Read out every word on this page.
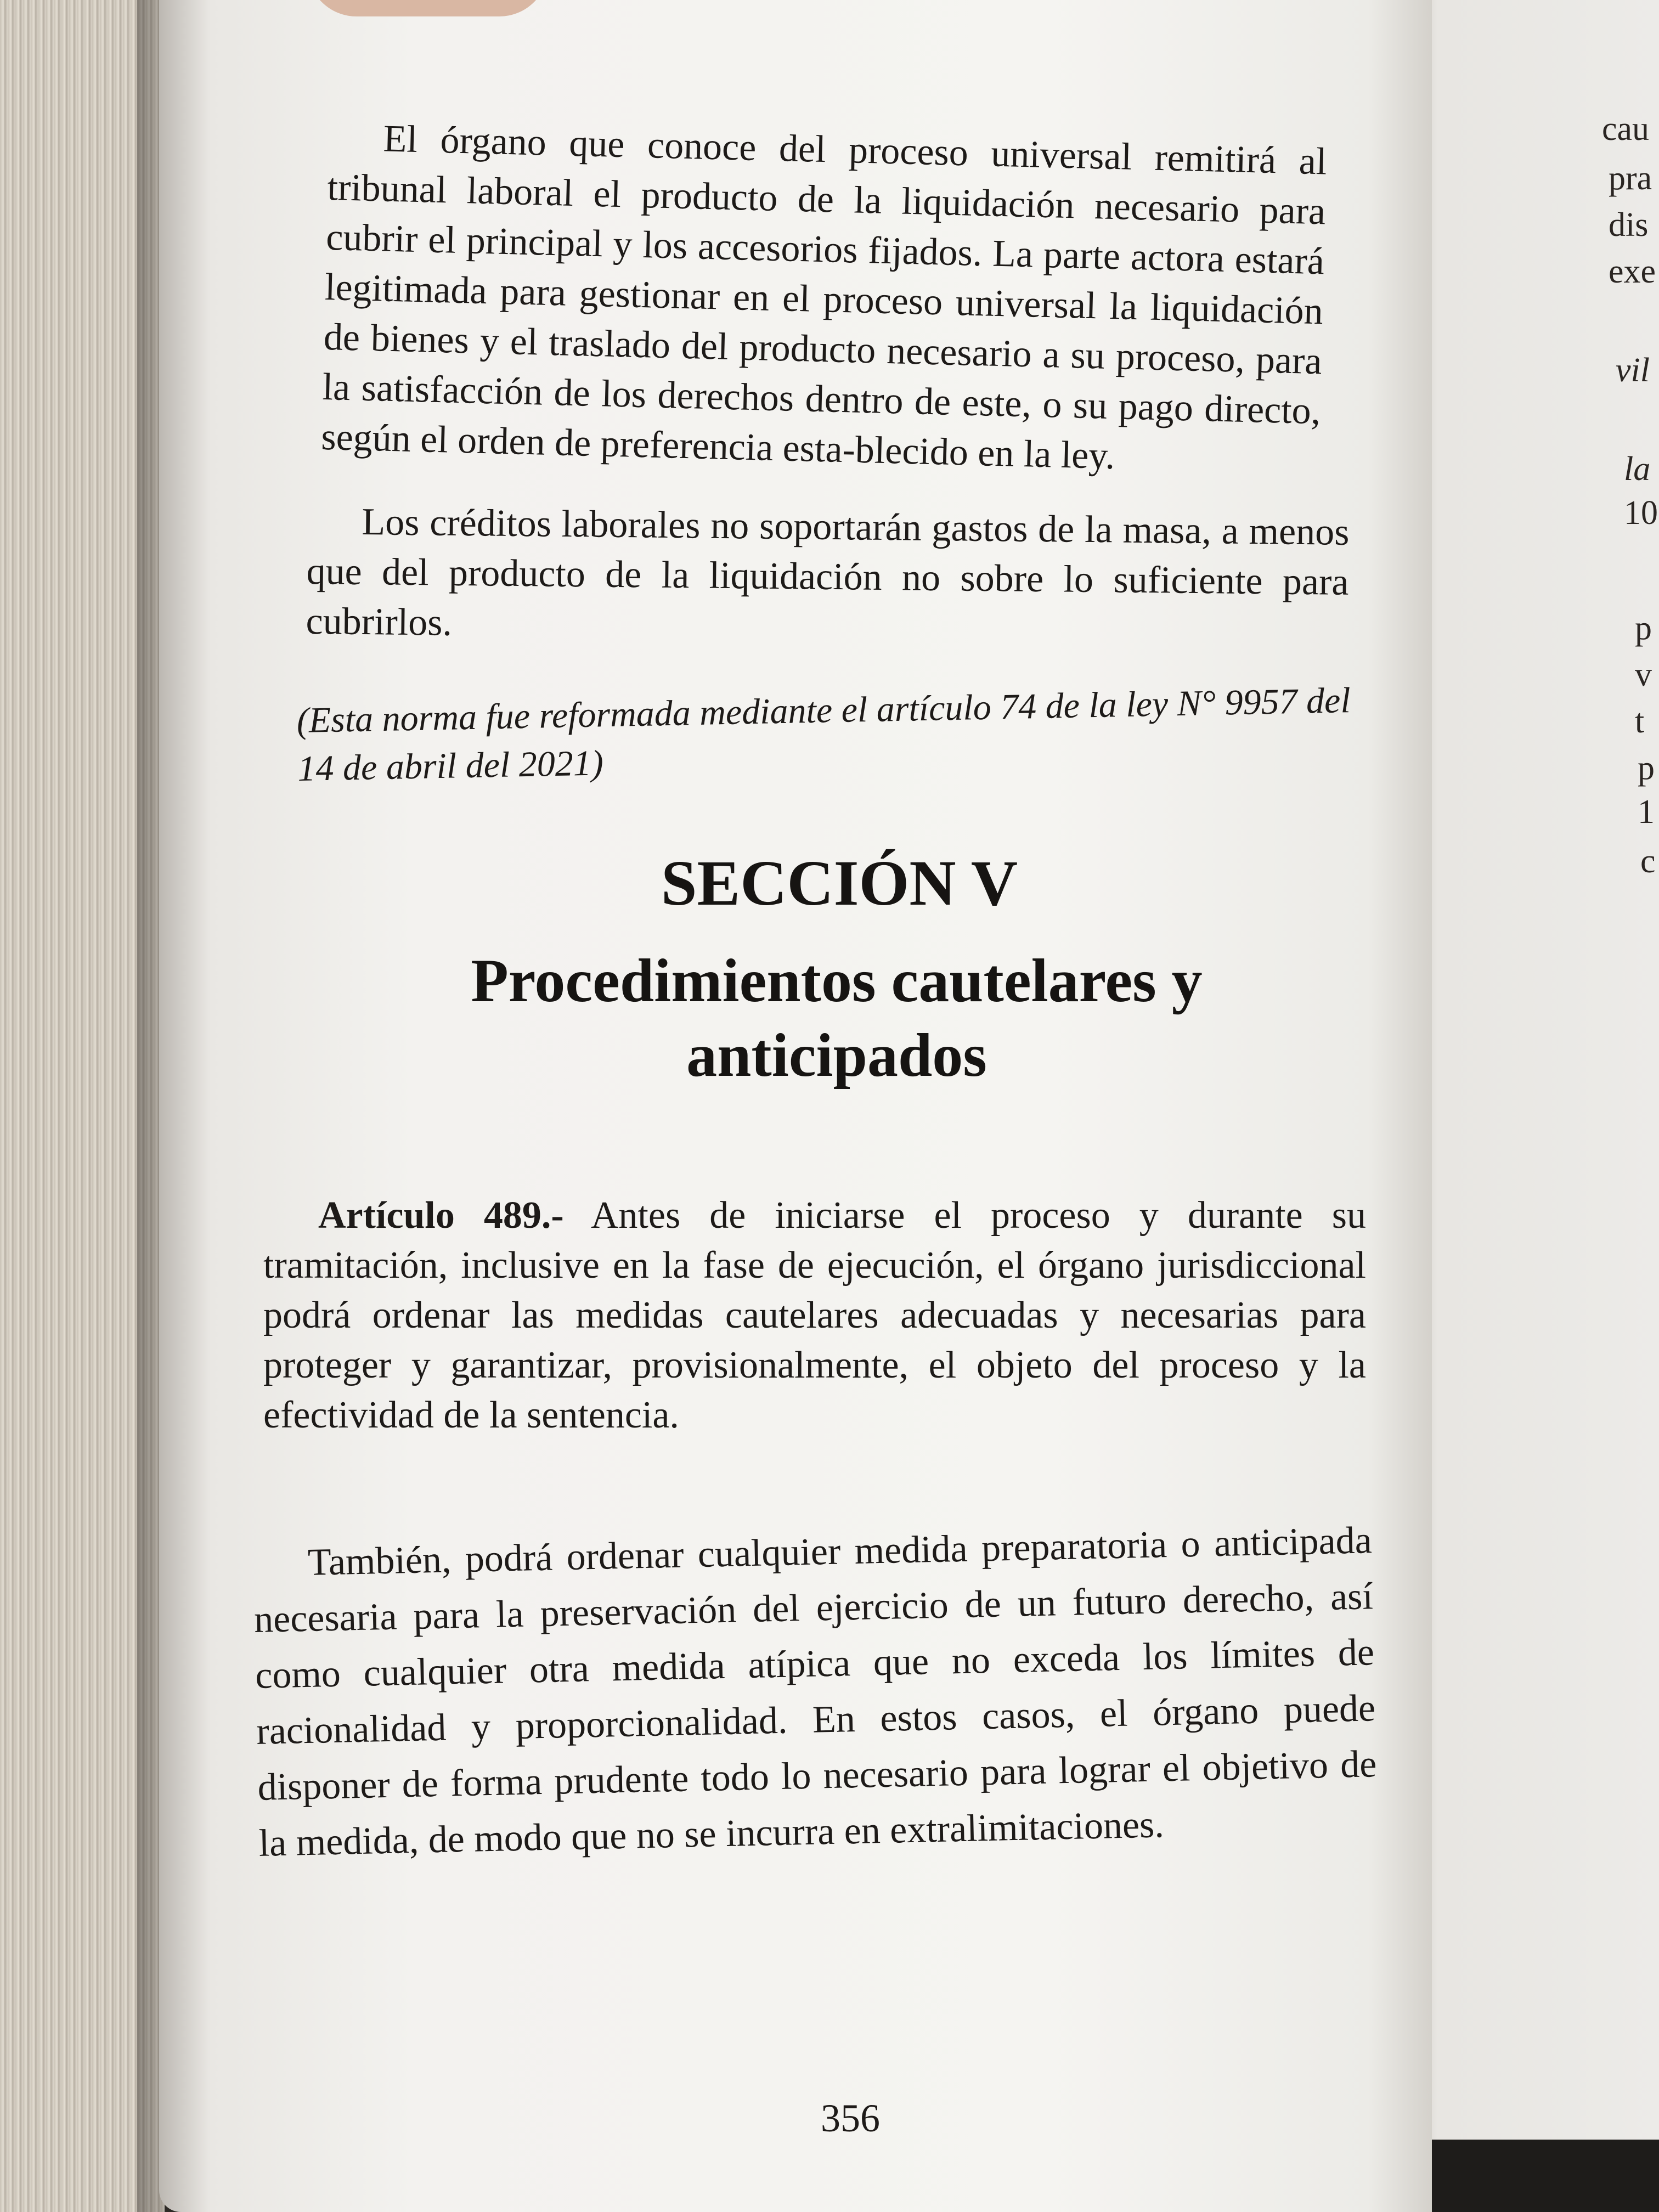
cau
pra
dis
exe
vil
la
10
p
v
t
p
1
c
El órgano que conoce del proceso universal remitirá al tribunal laboral el producto de la liquidación necesario para cubrir el principal y los accesorios fijados. La parte actora estará legitimada para gestionar en el proceso universal la liquidación de bienes y el traslado del producto necesario a su proceso, para la satisfacción de los derechos dentro de este, o su pago directo, según el orden de preferencia esta-blecido en la ley.
Los créditos laborales no soportarán gastos de la masa, a menos que del producto de la liquidación no sobre lo suficiente para cubrirlos.
(Esta norma fue reformada mediante el artículo 74 de la ley N° 9957 del 14 de abril del 2021)
SECCIÓN V
Procedimientos cautelares y anticipados
Artículo 489.- Antes de iniciarse el proceso y durante su tramitación, inclusive en la fase de ejecución, el órgano jurisdiccional podrá ordenar las medidas cautelares adecuadas y necesarias para proteger y garantizar, provisionalmente, el objeto del proceso y la efectividad de la sentencia.
También, podrá ordenar cualquier medida preparatoria o anticipada necesaria para la preservación del ejercicio de un futuro derecho, así como cualquier otra medida atípica que no exceda los límites de racionalidad y proporcionalidad. En estos casos, el órgano puede disponer de forma prudente todo lo necesario para lograr el objetivo de la medida, de modo que no se incurra en extralimitaciones.
356
